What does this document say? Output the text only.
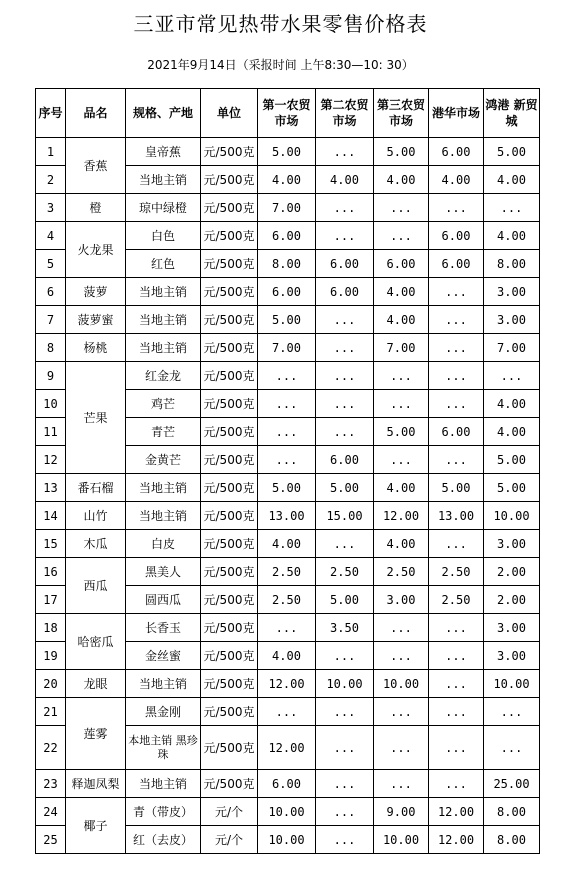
三亚市常见热带水果零售价格表
2021年9月14日（采报时间 上午8:30—10: 30）
序号	品名	规格、产地	单位	第一农贸市场	第二农贸市场	第三农贸市场	港华市场	鸿港 新贸城
1	香蕉	皇帝蕉	元/500克	5.00	...	5.00	6.00	5.00
2		当地主销	元/500克	4.00	4.00	4.00	4.00	4.00
3	橙	琼中绿橙	元/500克	7.00	...	...	...	...
4	火龙果	白色	元/500克	6.00	...	...	6.00	4.00
5		红色	元/500克	8.00	6.00	6.00	6.00	8.00
6	菠萝	当地主销	元/500克	6.00	6.00	4.00	...	3.00
7	菠萝蜜	当地主销	元/500克	5.00	...	4.00	...	3.00
8	杨桃	当地主销	元/500克	7.00	...	7.00	...	7.00
9	芒果	红金龙	元/500克	...	...	...	...	...
10		鸡芒	元/500克	...	...	...	...	4.00
11		青芒	元/500克	...	...	5.00	6.00	4.00
12		金黄芒	元/500克	...	6.00	...	...	5.00
13	番石榴	当地主销	元/500克	5.00	5.00	4.00	5.00	5.00
14	山竹	当地主销	元/500克	13.00	15.00	12.00	13.00	10.00
15	木瓜	白皮	元/500克	4.00	...	4.00	...	3.00
16	西瓜	黑美人	元/500克	2.50	2.50	2.50	2.50	2.00
17		圆西瓜	元/500克	2.50	5.00	3.00	2.50	2.00
18	哈密瓜	长香玉	元/500克	...	3.50	...	...	3.00
19		金丝蜜	元/500克	4.00	...	...	...	3.00
20	龙眼	当地主销	元/500克	12.00	10.00	10.00	...	10.00
21	莲雾	黑金刚	元/500克	...	...	...	...	...
22		本地主销 黑珍珠	元/500克	12.00	...	...	...	...
23	释迦凤梨	当地主销	元/500克	6.00	...	...	...	25.00
24	椰子	青（带皮）	元/个	10.00	...	9.00	12.00	8.00
25		红（去皮）	元/个	10.00	...	10.00	12.00	8.00
